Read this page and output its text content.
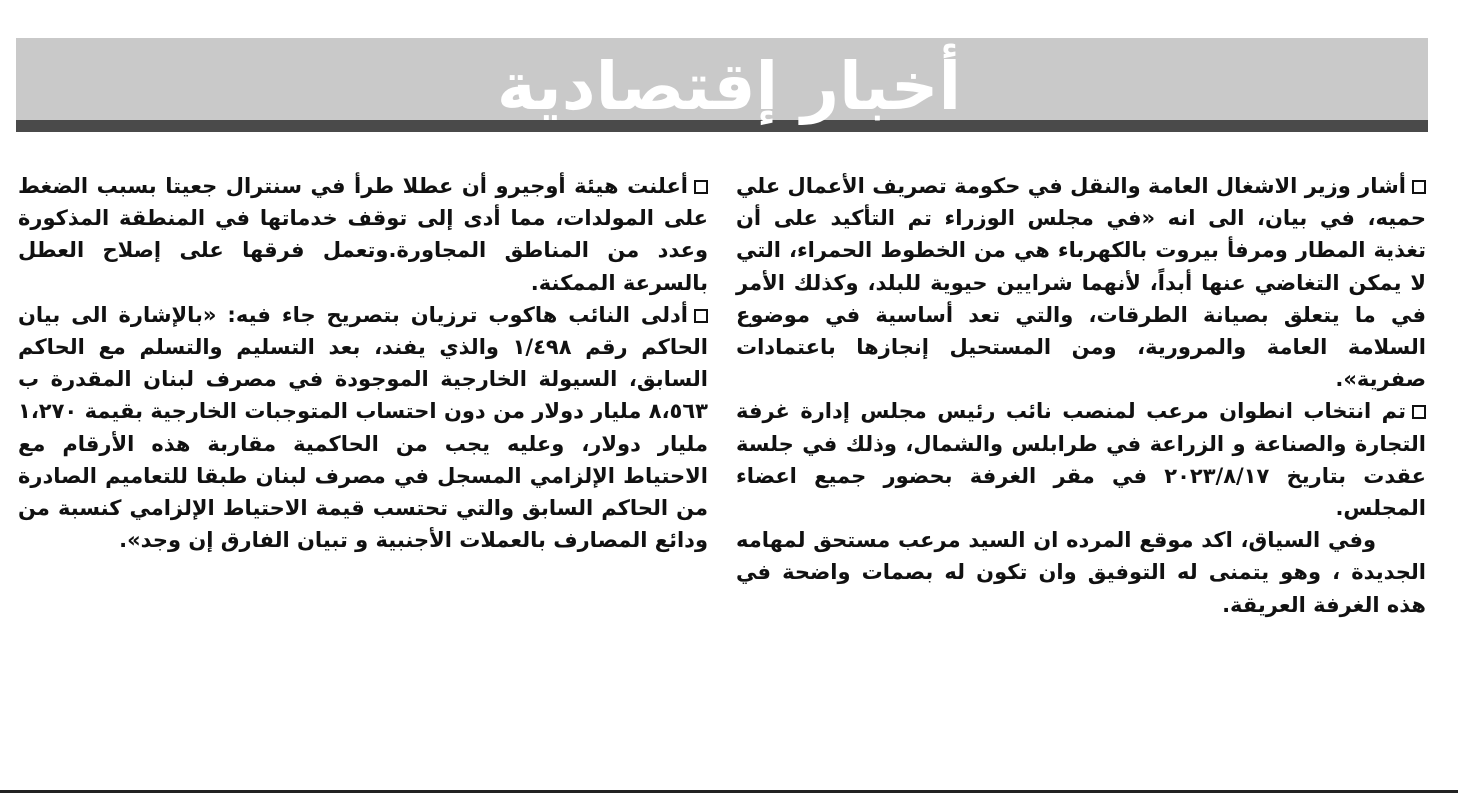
أخبار إقتصادية

أشار وزير الاشغال العامة والنقل في حكومة تصريف الأعمال علي حميه، في بيان، الى انه «في مجلس الوزراء تم التأكيد على أن تغذية المطار ومرفأ بيروت بالكهرباء هي من الخطوط الحمراء، التي لا يمكن التغاضي عنها أبداً، لأنهما شرايين حيوية للبلد، وكذلك الأمر في ما يتعلق بصيانة الطرقات، والتي تعد أساسية في موضوع السلامة العامة والمرورية، ومن المستحيل إنجازها باعتمادات صفرية».

تم انتخاب انطوان مرعب لمنصب نائب رئيس مجلس إدارة غرفة التجارة والصناعة و الزراعة في طرابلس والشمال، وذلك في جلسة عقدت بتاريخ ٢٠٢٣/٨/١٧ في مقر الغرفة بحضور جميع اعضاء المجلس.

وفي السياق، اكد موقع المرده ان السيد مرعب مستحق لمهامه الجديدة ، وهو يتمنى له التوفيق وان تكون له بصمات واضحة في هذه الغرفة العريقة.

أعلنت هيئة أوجيرو أن عطلا طرأ في سنترال جعيتا بسبب الضغط على المولدات، مما أدى إلى توقف خدماتها في المنطقة المذكورة وعدد من المناطق المجاورة.وتعمل فرقها على إصلاح العطل بالسرعة الممكنة.

أدلى النائب هاكوب ترزيان بتصريح جاء فيه: «بالإشارة الى بيان الحاكم رقم ١/٤٩٨ والذي يفند، بعد التسليم والتسلم مع الحاكم السابق، السيولة الخارجية الموجودة في مصرف لبنان المقدرة ب ٨،٥٦٣ مليار دولار من دون احتساب المتوجبات الخارجية بقيمة ١،٢٧٠ مليار دولار، وعليه يجب من الحاكمية مقاربة هذه الأرقام مع الاحتياط الإلزامي المسجل في مصرف لبنان طبقا للتعاميم الصادرة من الحاكم السابق والتي تحتسب قيمة الاحتياط الإلزامي كنسبة من ودائع المصارف بالعملات الأجنبية و تبيان الفارق إن وجد».
